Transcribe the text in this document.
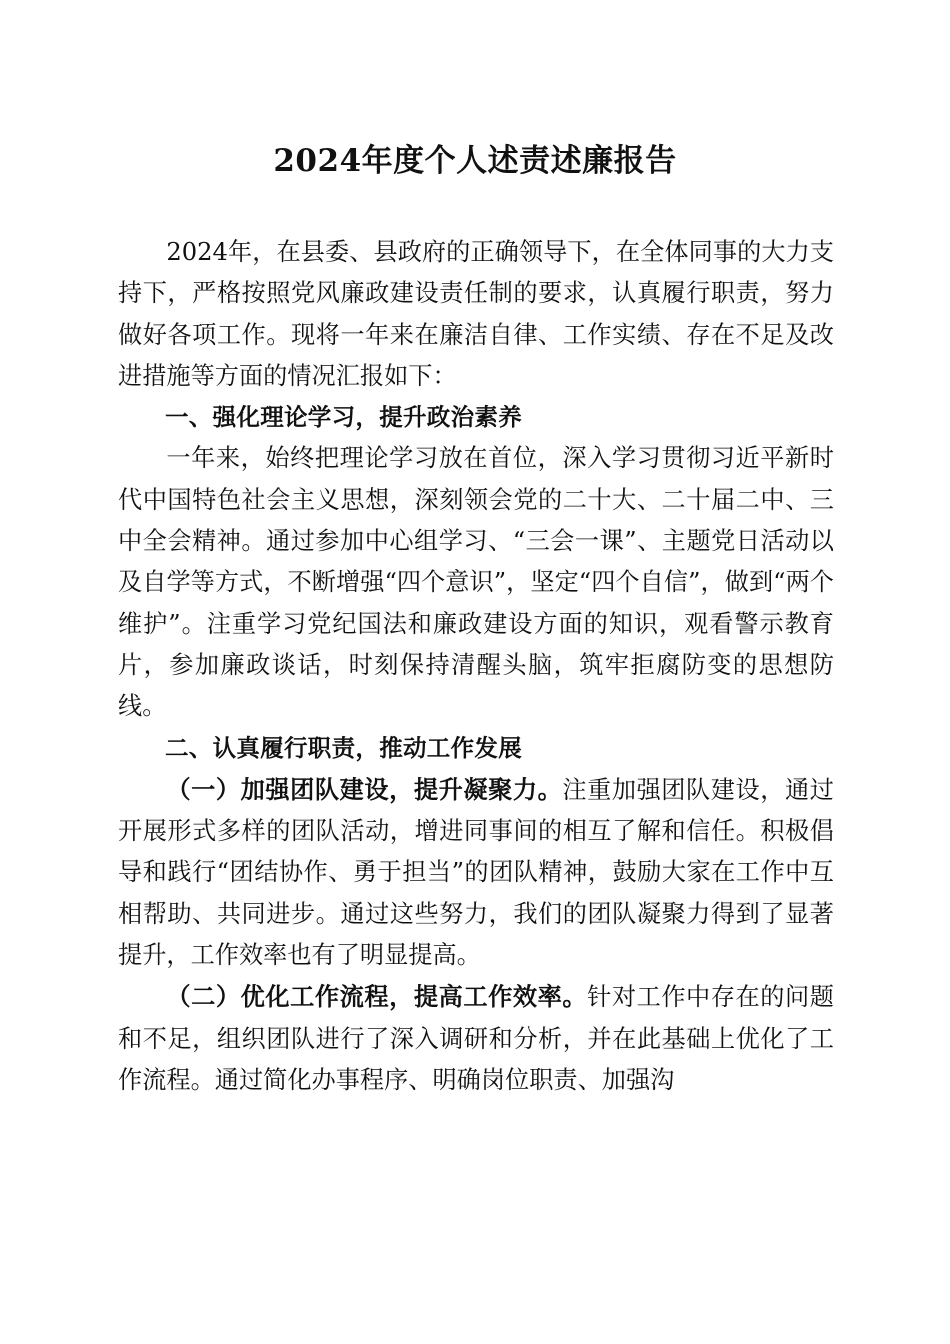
2024年度个人述责述廉报告

2024年，在县委、县政府的正确领导下，在全体同事的大力支持下，严格按照党风廉政建设责任制的要求，认真履行职责，努力做好各项工作。现将一年来在廉洁自律、工作实绩、存在不足及改进措施等方面的情况汇报如下：

一、强化理论学习，提升政治素养

一年来，始终把理论学习放在首位，深入学习贯彻习近平新时代中国特色社会主义思想，深刻领会党的二十大、二十届二中、三中全会精神。通过参加中心组学习、“三会一课”、主题党日活动以及自学等方式，不断增强“四个意识”，坚定“四个自信”，做到“两个维护”。注重学习党纪国法和廉政建设方面的知识，观看警示教育片，参加廉政谈话，时刻保持清醒头脑，筑牢拒腐防变的思想防线。

二、认真履行职责，推动工作发展

（一）加强团队建设，提升凝聚力。注重加强团队建设，通过开展形式多样的团队活动，增进同事间的相互了解和信任。积极倡导和践行“团结协作、勇于担当”的团队精神，鼓励大家在工作中互相帮助、共同进步。通过这些努力，我们的团队凝聚力得到了显著提升，工作效率也有了明显提高。

（二）优化工作流程，提高工作效率。针对工作中存在的问题和不足，组织团队进行了深入调研和分析，并在此基础上优化了工作流程。通过简化办事程序、明确岗位职责、加强沟
